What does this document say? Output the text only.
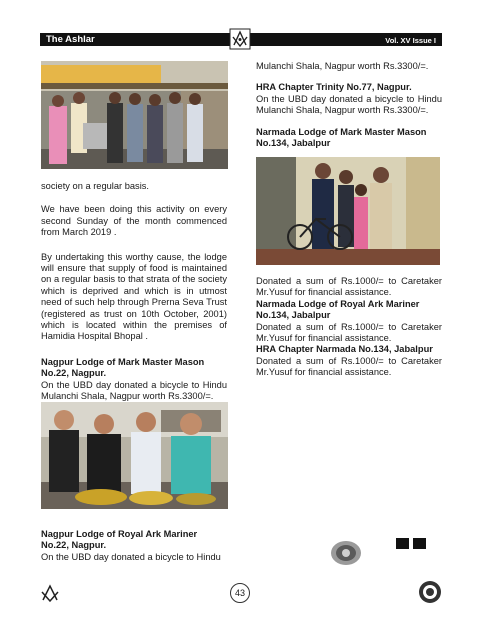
The Ashlar	Vol. XV Issue I

society on a regular basis.

We have been doing this activity on every second Sunday of the month commenced from March 2019 .

By undertaking this worthy cause, the lodge will ensure that supply of food is maintained on a regular basis to that strata of the society which is deprived and which is in utmost need of such help through Prerna Seva Trust (registered as trust on 10th October, 2001) which is located within the premises of Hamidia Hospital Bhopal .

Nagpur Lodge of Mark Master Mason No.22, Nagpur.

On the UBD day donated a bicycle to Hindu Mulanchi Shala, Nagpur worth Rs.3300/=.

Nagpur Lodge of Royal Ark Mariner No.22, Nagpur.

On the UBD day donated a bicycle to Hindu

Mulanchi Shala, Nagpur worth Rs.3300/=.

HRA Chapter Trinity No.77, Nagpur.

On the UBD day donated a bicycle to Hindu Mulanchi Shala, Nagpur worth Rs.3300/=.

Narmada Lodge of Mark Master Mason No.134, Jabalpur

Donated a sum of Rs.1000/= to Caretaker Mr.Yusuf for financial assistance.

Narmada Lodge of Royal Ark Mariner No.134, Jabalpur

Donated a sum of Rs.1000/= to Caretaker Mr.Yusuf for financial assistance.

HRA Chapter Narmada No.134, Jabalpur

Donated a sum of Rs.1000/= to Caretaker Mr.Yusuf for financial assistance.

43
